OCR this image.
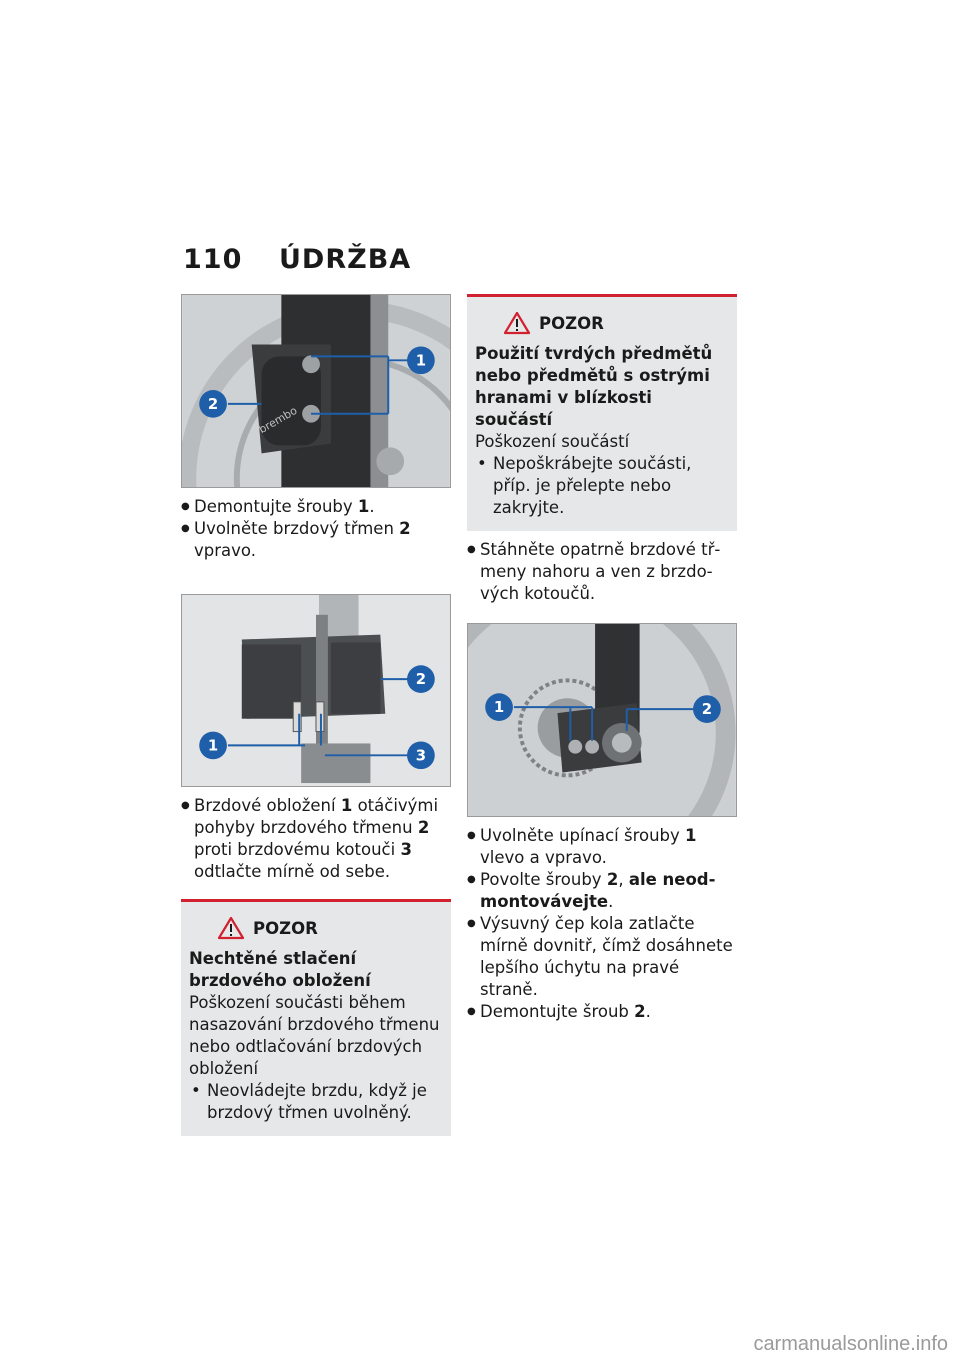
110 ÚDRŽBA
brembo
1
2
● Demontujte šrouby 1.
● Uvolněte brzdový třmen 2 vpravo.
2
1
3
● Brzdové obložení 1 otáčivými pohyby brzdového třmenu 2 proti brzdovému kotouči 3 odtlačte mírně od sebe.
POZOR
Nechtěné stlačení brzdového obložení
Poškození součásti během nasazování brzdového třmenu nebo odtlačování brzdových obložení
• Neovládejte brzdu, když je brzdový třmen uvolněný.
POZOR
Použití tvrdých předmětů nebo předmětů s ostrými hranami v blízkosti součástí
Poškození součástí
• Nepoškrábejte součásti, příp. je přelepte nebo zakryjte.
● Stáhněte opatrně brzdové třmeny nahoru a ven z brzdových kotoučů.
1	2
● Uvolněte upínací šrouby 1 vlevo a vpravo.
● Povolte šrouby 2, ale neodmontovávejte.
● Výsuvný čep kola zatlačte mírně dovnitř, čímž dosáhnete lepšího úchytu na pravé straně.
● Demontujte šroub 2.
carmanualsonline.info
